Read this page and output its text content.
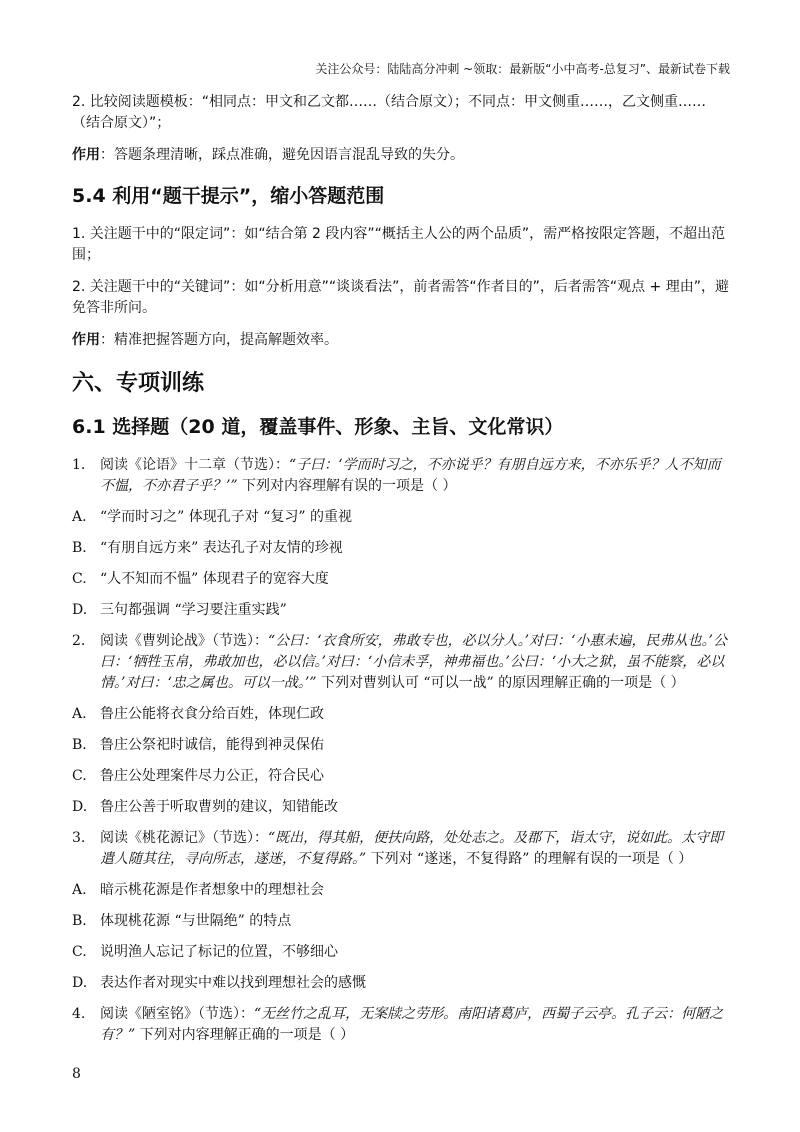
关注公众号：陆陆高分冲刺 ~领取：最新版“小中高考-总复习”、最新试卷下载

2. 比较阅读题模板：“相同点：甲文和乙文都……（结合原文）；不同点：甲文侧重……，乙文侧重……（结合原文）”；

作用：答题条理清晰，踩点准确，避免因语言混乱导致的失分。

5.4 利用“题干提示”，缩小答题范围

1. 关注题干中的“限定词”：如“结合第 2 段内容”“概括主人公的两个品质”，需严格按限定答题，不超出范围；

2. 关注题干中的“关键词”：如“分析用意”“谈谈看法”，前者需答“作者目的”，后者需答“观点 + 理由”，避免答非所问。

作用：精准把握答题方向，提高解题效率。

六、专项训练
6.1 选择题（20 道，覆盖事件、形象、主旨、文化常识）
1.	阅读《论语》十二章（节选）：“子曰：‘学而时习之，不亦说乎？有朋自远方来，不亦乐乎？人不知而不愠，不亦君子乎？’” 下列对内容理解有误的一项是（ ）
A. “学而时习之” 体现孔子对 “复习” 的重视
B. “有朋自远方来” 表达孔子对友情的珍视
C. “人不知而不愠” 体现君子的宽容大度
D. 三句都强调 “学习要注重实践”
2.	阅读《曹刿论战》（节选）：“公曰：‘衣食所安，弗敢专也，必以分人。’对曰：‘小惠未遍，民弗从也。’公曰：‘牺牲玉帛，弗敢加也，必以信。’对曰：‘小信未孚，神弗福也。’公曰：‘小大之狱，虽不能察，必以情。’对曰：‘忠之属也。可以一战。’” 下列对曹刿认可 “可以一战” 的原因理解正确的一项是（ ）
A. 鲁庄公能将衣食分给百姓，体现仁政
B. 鲁庄公祭祀时诚信，能得到神灵保佑
C. 鲁庄公处理案件尽力公正，符合民心
D. 鲁庄公善于听取曹刿的建议，知错能改
3.	阅读《桃花源记》（节选）：“既出，得其船，便扶向路，处处志之。及郡下，诣太守，说如此。太守即遣人随其往，寻向所志，遂迷，不复得路。” 下列对 “遂迷，不复得路” 的理解有误的一项是（ ）
A. 暗示桃花源是作者想象中的理想社会
B. 体现桃花源 “与世隔绝” 的特点
C. 说明渔人忘记了标记的位置，不够细心
D. 表达作者对现实中难以找到理想社会的感慨
4.	阅读《陋室铭》（节选）：“无丝竹之乱耳，无案牍之劳形。南阳诸葛庐，西蜀子云亭。孔子云：何陋之有？” 下列对内容理解正确的一项是（ ）
8
